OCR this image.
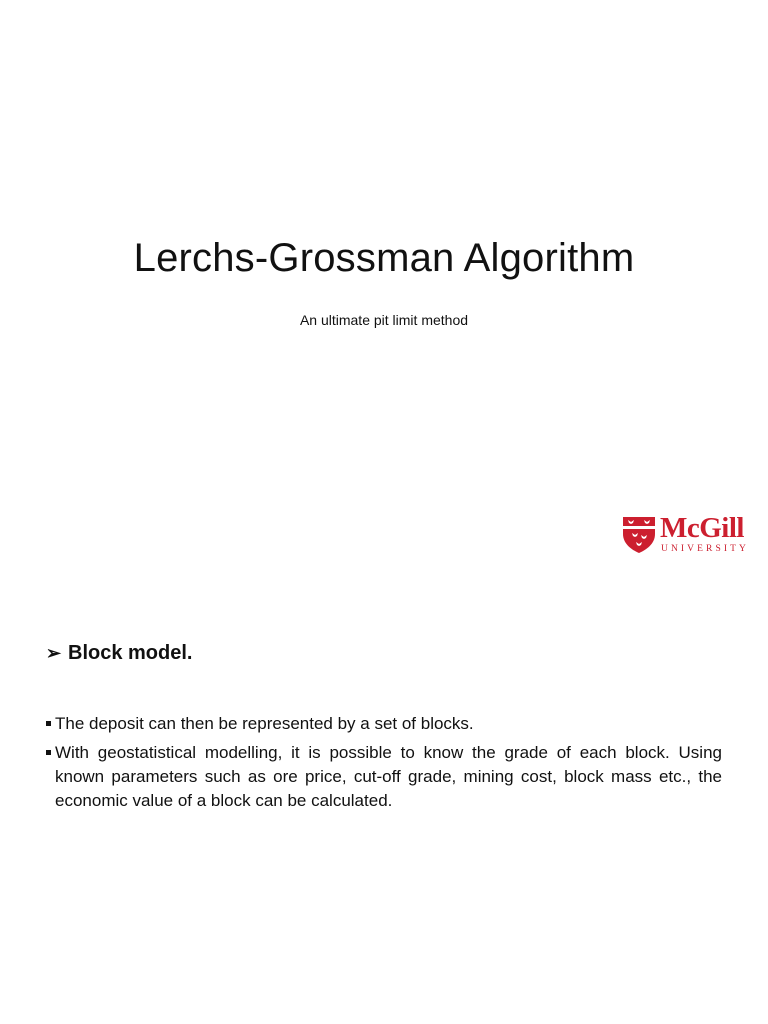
Lerchs-Grossman Algorithm

An ultimate pit limit method

McGill
UNIVERSITY
➢ Block model.
The deposit can then be represented by a set of blocks.
With geostatistical modelling, it is possible to know the grade of each block. Using known parameters such as ore price, cut-off grade, mining cost, block mass etc., the economic value of a block can be calculated.
